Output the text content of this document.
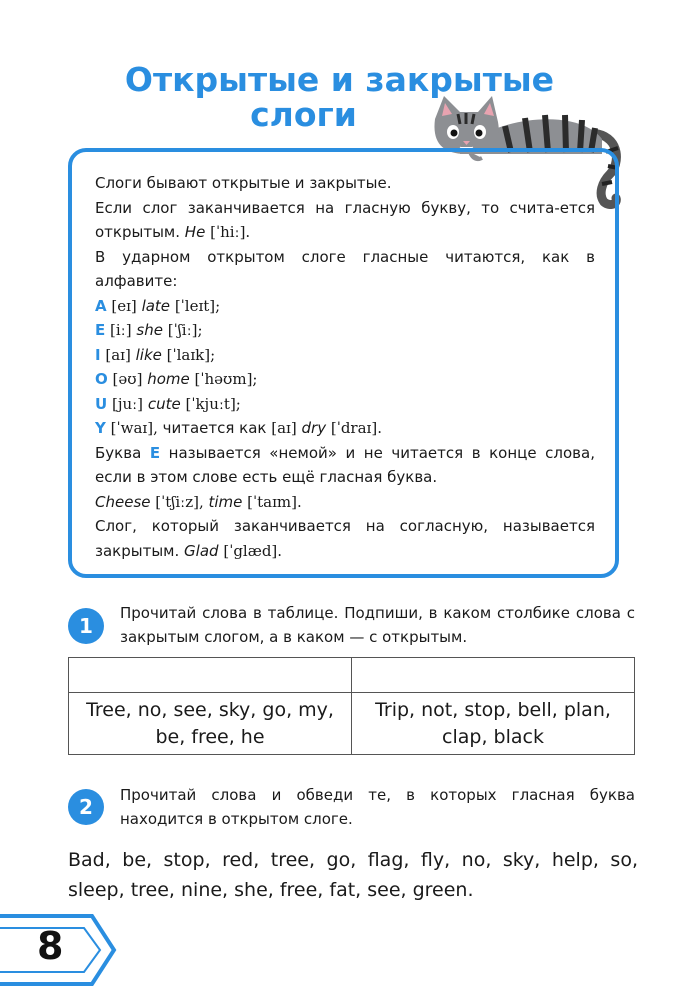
Открытые и закрытые
слоги

Слоги бывают открытые и закрытые.

Если слог заканчивается на гласную букву, то счита-ется открытым. He [ˈhiː].

В ударном открытом слоге гласные читаются, как в алфавите:

A [eɪ] late [ˈleɪt];

E [iː] she [ˈʃiː];

I [aɪ] like [ˈlaɪk];

O [əʊ] home [ˈhəʊm];

U [juː] cute [ˈkjuːt];

Y [ˈwaɪ], читается как [aɪ] dry [ˈdraɪ].

Буква E называется «немой» и не читается в конце слова, если в этом слове есть ещё гласная буква.

Cheese [ˈtʃiːz], time [ˈtaɪm].

Слог, который заканчивается на согласную, называется закрытым. Glad [ˈglæd].

1

Прочитай слова в таблице. Подпиши, в каком столбике слова с закрытым слогом, а в каком — с открытым.

Tree, no, see, sky, go, my, be, free, he	Trip, not, stop, bell, plan, clap, black
2	Прочитай слова и обведи те, в которых гласная буква находится в открытом слоге.

Bad, be, stop, red, tree, go, flag, fly, no, sky, help, so, sleep, tree, nine, she, free, fat, see, green.

8
